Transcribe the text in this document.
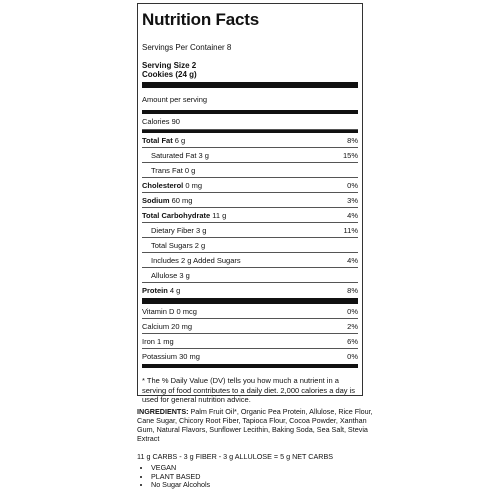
Nutrition Facts
Servings Per Container 8
Serving Size 2
Cookies (24 g)
Amount per serving
Calories 90
Total Fat 6 g	8%
Saturated Fat 3 g	15%
Trans Fat 0 g
Cholesterol 0 mg	0%
Sodium 60 mg	3%
Total Carbohydrate 11 g	4%
Dietary Fiber 3 g	11%
Total Sugars 2 g
Includes 2 g Added Sugars	4%
Allulose 3 g
Protein 4 g	8%
Vitamin D 0 mcg	0%
Calcium 20 mg	2%
Iron 1 mg	6%
Potassium 30 mg	0%
* The % Daily Value (DV) tells you how much a nutrient in a serving of food contributes to a daily diet. 2,000 calories a day is used for general nutrition advice.
INGREDIENTS: Palm Fruit Oil*, Organic Pea Protein, Allulose, Rice Flour, Cane Sugar, Chicory Root Fiber, Tapioca Flour, Cocoa Powder, Xanthan Gum, Natural Flavors, Sunflower Lecithin, Baking Soda, Sea Salt, Stevia Extract
11 g CARBS - 3 g FIBER - 3 g ALLULOSE = 5 g NET CARBS
• VEGAN
• PLANT BASED
• No Sugar Alcohols
